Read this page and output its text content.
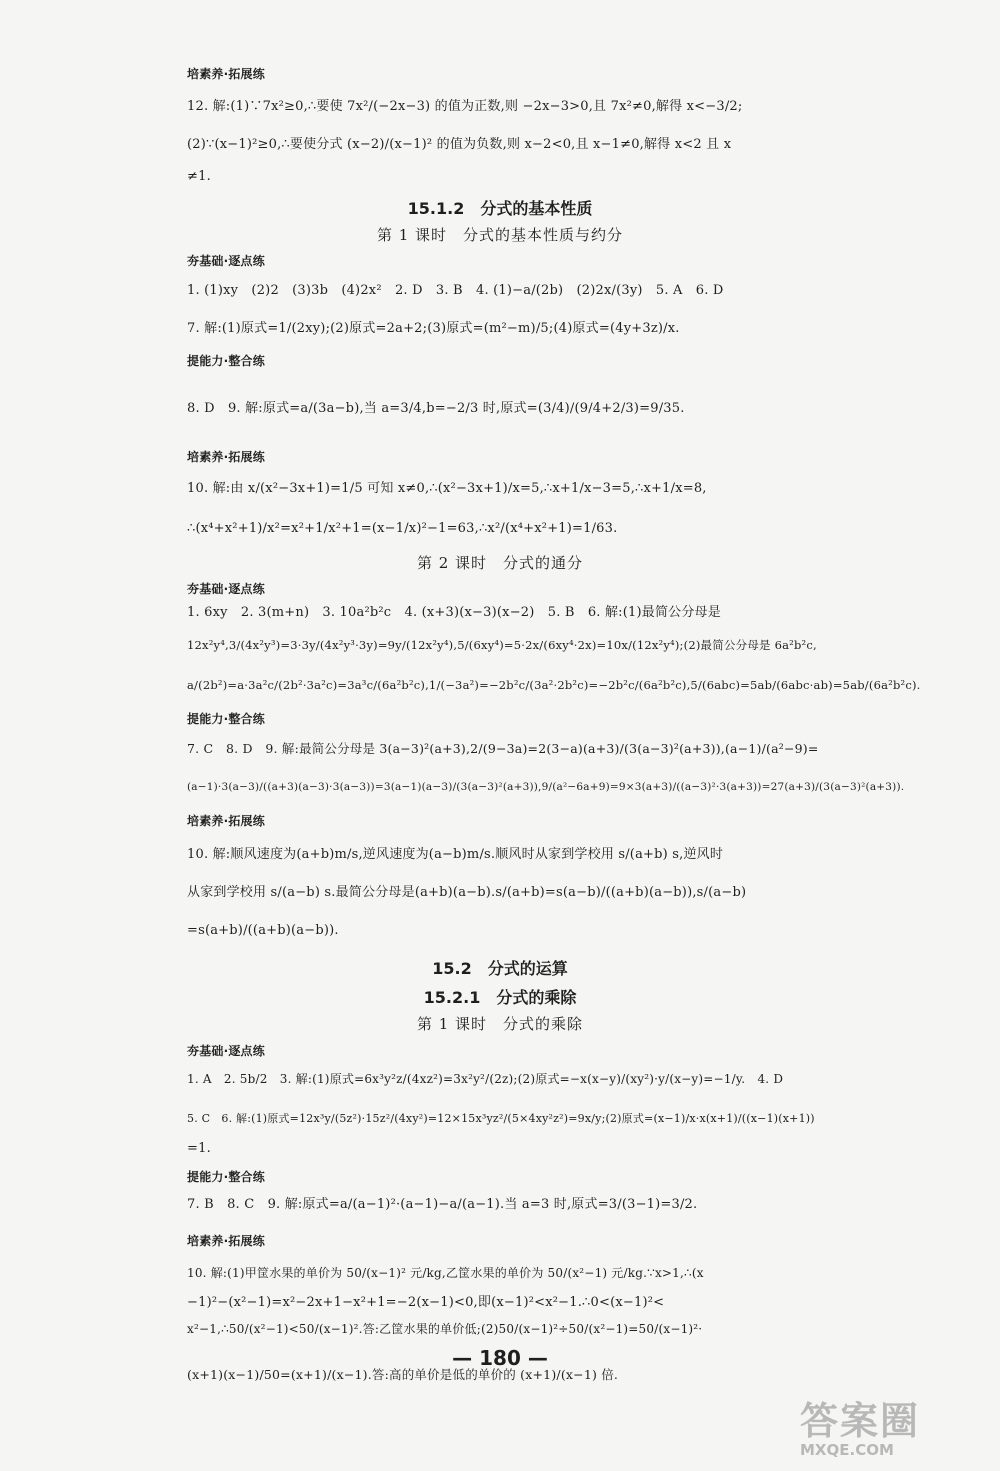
培素养·拓展练
12. 解:(1)∵7x²≥0,∴要使 7x²/(−2x−3) 的值为正数,则 −2x−3>0,且 7x²≠0,解得 x<−3/2;
(2)∵(x−1)²≥0,∴要使分式 (x−2)/(x−1)² 的值为负数,则 x−2<0,且 x−1≠0,解得 x<2 且 x
≠1.
15.1.2　分式的基本性质
第 1 课时　分式的基本性质与约分
夯基础·逐点练
1. (1)xy　(2)2　(3)3b　(4)2x²　2. D　3. B　4. (1)−a/(2b)　(2)2x/(3y)　5. A　6. D
7. 解:(1)原式=1/(2xy);(2)原式=2a+2;(3)原式=(m²−m)/5;(4)原式=(4y+3z)/x.
提能力·整合练
8. D　9. 解:原式=a/(3a−b),当 a=3/4,b=−2/3 时,原式=(3/4)/(9/4+2/3)=9/35.
培素养·拓展练
10. 解:由 x/(x²−3x+1)=1/5 可知 x≠0,∴(x²−3x+1)/x=5,∴x+1/x−3=5,∴x+1/x=8,
∴(x⁴+x²+1)/x²=x²+1/x²+1=(x−1/x)²−1=63,∴x²/(x⁴+x²+1)=1/63.
第 2 课时　分式的通分
夯基础·逐点练
1. 6xy　2. 3(m+n)　3. 10a²b²c　4. (x+3)(x−3)(x−2)　5. B　6. 解:(1)最简公分母是
12x²y⁴,3/(4x²y³)=3·3y/(4x²y³·3y)=9y/(12x²y⁴),5/(6xy⁴)=5·2x/(6xy⁴·2x)=10x/(12x²y⁴);(2)最简公分母是 6a²b²c,
a/(2b²)=a·3a²c/(2b²·3a²c)=3a³c/(6a²b²c),1/(−3a²)=−2b²c/(3a²·2b²c)=−2b²c/(6a²b²c),5/(6abc)=5ab/(6abc·ab)=5ab/(6a²b²c).
提能力·整合练
7. C　8. D　9. 解:最简公分母是 3(a−3)²(a+3),2/(9−3a)=2(3−a)(a+3)/(3(a−3)²(a+3)),(a−1)/(a²−9)=
(a−1)·3(a−3)/((a+3)(a−3)·3(a−3))=3(a−1)(a−3)/(3(a−3)²(a+3)),9/(a²−6a+9)=9×3(a+3)/((a−3)²·3(a+3))=27(a+3)/(3(a−3)²(a+3)).
培素养·拓展练
10. 解:顺风速度为(a+b)m/s,逆风速度为(a−b)m/s.顺风时从家到学校用 s/(a+b) s,逆风时
从家到学校用 s/(a−b) s.最简公分母是(a+b)(a−b).s/(a+b)=s(a−b)/((a+b)(a−b)),s/(a−b)
=s(a+b)/((a+b)(a−b)).
15.2　分式的运算
15.2.1　分式的乘除
第 1 课时　分式的乘除
夯基础·逐点练
1. A　2. 5b/2　3. 解:(1)原式=6x³y²z/(4xz²)=3x²y²/(2z);(2)原式=−x(x−y)/(xy²)·y/(x−y)=−1/y.　4. D
5. C　6. 解:(1)原式=12x³y/(5z²)·15z²/(4xy²)=12×15x³yz²/(5×4xy²z²)=9x/y;(2)原式=(x−1)/x·x(x+1)/((x−1)(x+1))
=1.
提能力·整合练
7. B　8. C　9. 解:原式=a/(a−1)²·(a−1)−a/(a−1).当 a=3 时,原式=3/(3−1)=3/2.
培素养·拓展练
10. 解:(1)甲筐水果的单价为 50/(x−1)² 元/kg,乙筐水果的单价为 50/(x²−1) 元/kg.∵x>1,∴(x
−1)²−(x²−1)=x²−2x+1−x²+1=−2(x−1)<0,即(x−1)²<x²−1.∴0<(x−1)²<
x²−1,∴50/(x²−1)<50/(x−1)².答:乙筐水果的单价低;(2)50/(x−1)²÷50/(x²−1)=50/(x−1)²·
(x+1)(x−1)/50=(x+1)/(x−1).答:高的单价是低的单价的 (x+1)/(x−1) 倍.
— 180 —
答案圈
MXQE.COM
